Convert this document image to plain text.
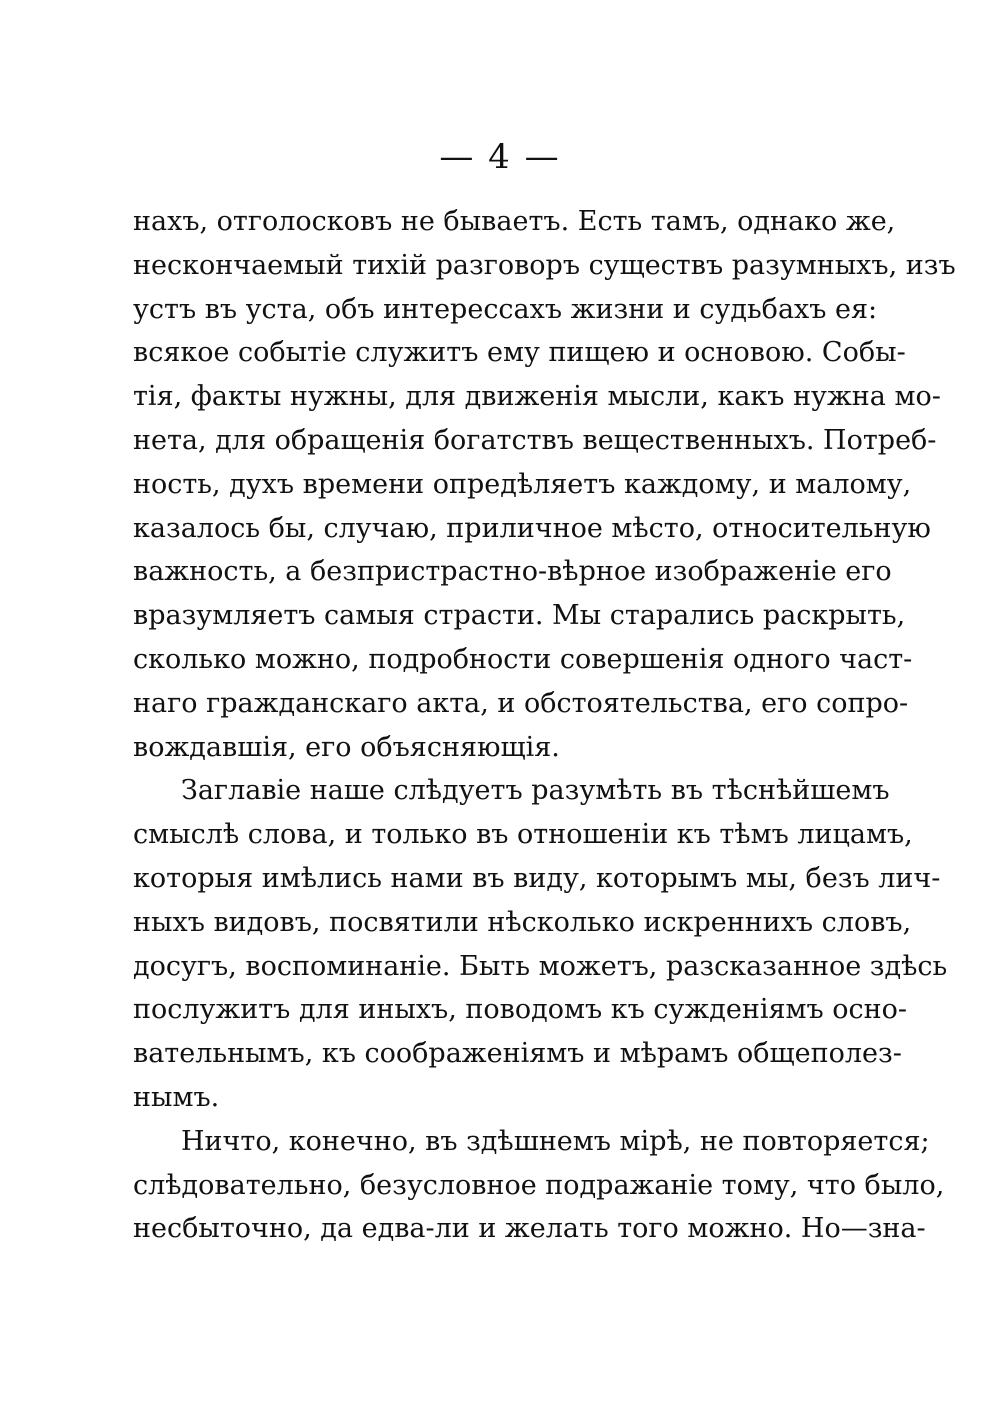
— 4 —
нахъ, отголосковъ не бываетъ. Есть тамъ, однако же,
нескончаемый тихій разговоръ существъ разумныхъ, изъ
устъ въ уста, объ интерессахъ жизни и судьбахъ ея:
всякое событіе служитъ ему пищею и основою. Собы-
тія, факты нужны, для движенія мысли, какъ нужна мо-
нета, для обращенія богатствъ вещественныхъ. Потреб-
ность, духъ времени опредѣляетъ каждому, и малому,
казалось бы, случаю, приличное мѣсто, относительную
важность, а безпристрастно-вѣрное изображеніе его
вразумляетъ самыя страсти. Мы старались раскрыть,
сколько можно, подробности совершенія одного част-
наго гражданскаго акта, и обстоятельства, его сопро-
вождавшія, его объясняющія.
Заглавіе наше слѣдуетъ разумѣть въ тѣснѣйшемъ
смыслѣ слова, и только въ отношеніи къ тѣмъ лицамъ,
которыя имѣлись нами въ виду, которымъ мы, безъ лич-
ныхъ видовъ, посвятили нѣсколько искреннихъ словъ,
досугъ, воспоминаніе. Быть можетъ, разсказанное здѣсь
послужитъ для иныхъ, поводомъ къ сужденіямъ осно-
вательнымъ, къ соображеніямъ и мѣрамъ общеполез-
нымъ.
Ничто, конечно, въ здѣшнемъ мірѣ, не повторяется;
слѣдовательно, безусловное подражаніе тому, что было,
несбыточно, да едва-ли и желать того можно. Но—зна-
